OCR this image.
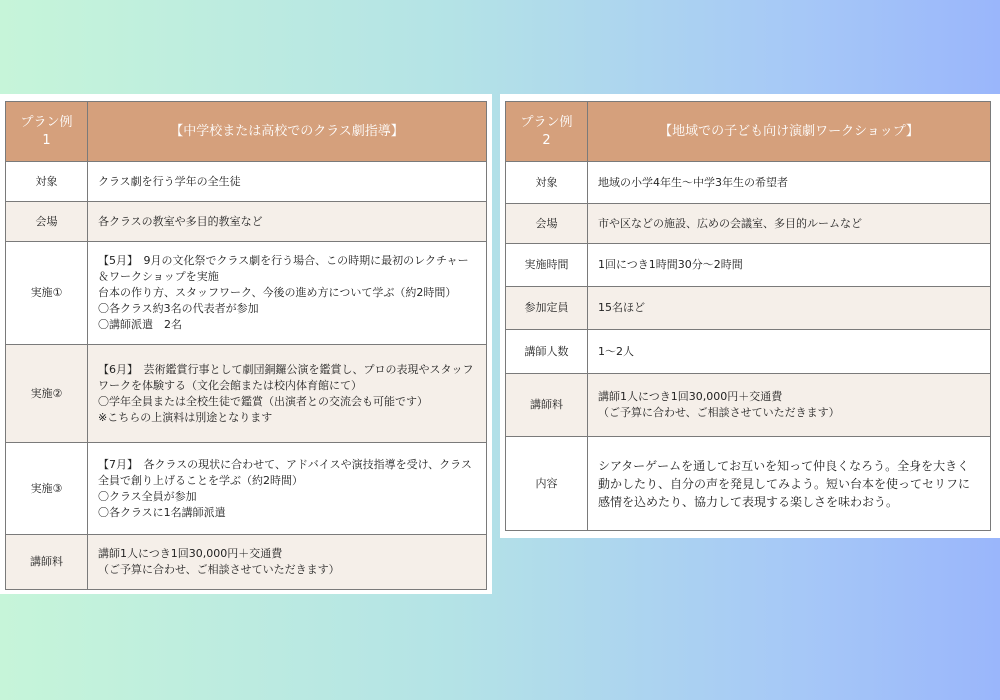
プラン例
1	【中学校または高校でのクラス劇指導】
対象	クラス劇を行う学年の全生徒
会場	各クラスの教室や多目的教室など
実施①	【5月】　9月の文化祭でクラス劇を行う場合、この時期に最初のレクチャー＆ワークショップを実施
台本の作り方、スタッフワーク、今後の進め方について学ぶ（約2時間）
〇各クラス約3名の代表者が参加
〇講師派遣　2名
実施②	【6月】　芸術鑑賞行事として劇団銅鑼公演を鑑賞し、プロの表現やスタッフワークを体験する（文化会館または校内体育館にて）
〇学年全員または全校生徒で鑑賞（出演者との交流会も可能です）
※こちらの上演料は別途となります
実施③	【7月】　各クラスの現状に合わせて、アドバイスや演技指導を受け、クラス全員で創り上げることを学ぶ（約2時間）
〇クラス全員が参加
〇各クラスに1名講師派遣
講師料	講師1人につき1回30,000円＋交通費
（ご予算に合わせ、ご相談させていただきます）
プラン例
2	【地域での子ども向け演劇ワークショップ】
対象	地域の小学4年生〜中学3年生の希望者
会場	市や区などの施設、広めの会議室、多目的ルームなど
実施時間	1回につき1時間30分〜2時間
参加定員	15名ほど
講師人数	1〜2人
講師料	講師1人につき1回30,000円＋交通費
（ご予算に合わせ、ご相談させていただきます）
内容	シアターゲームを通してお互いを知って仲良くなろう。全身を大きく動かしたり、自分の声を発見してみよう。短い台本を使ってセリフに感情を込めたり、協力して表現する楽しさを味わおう。
